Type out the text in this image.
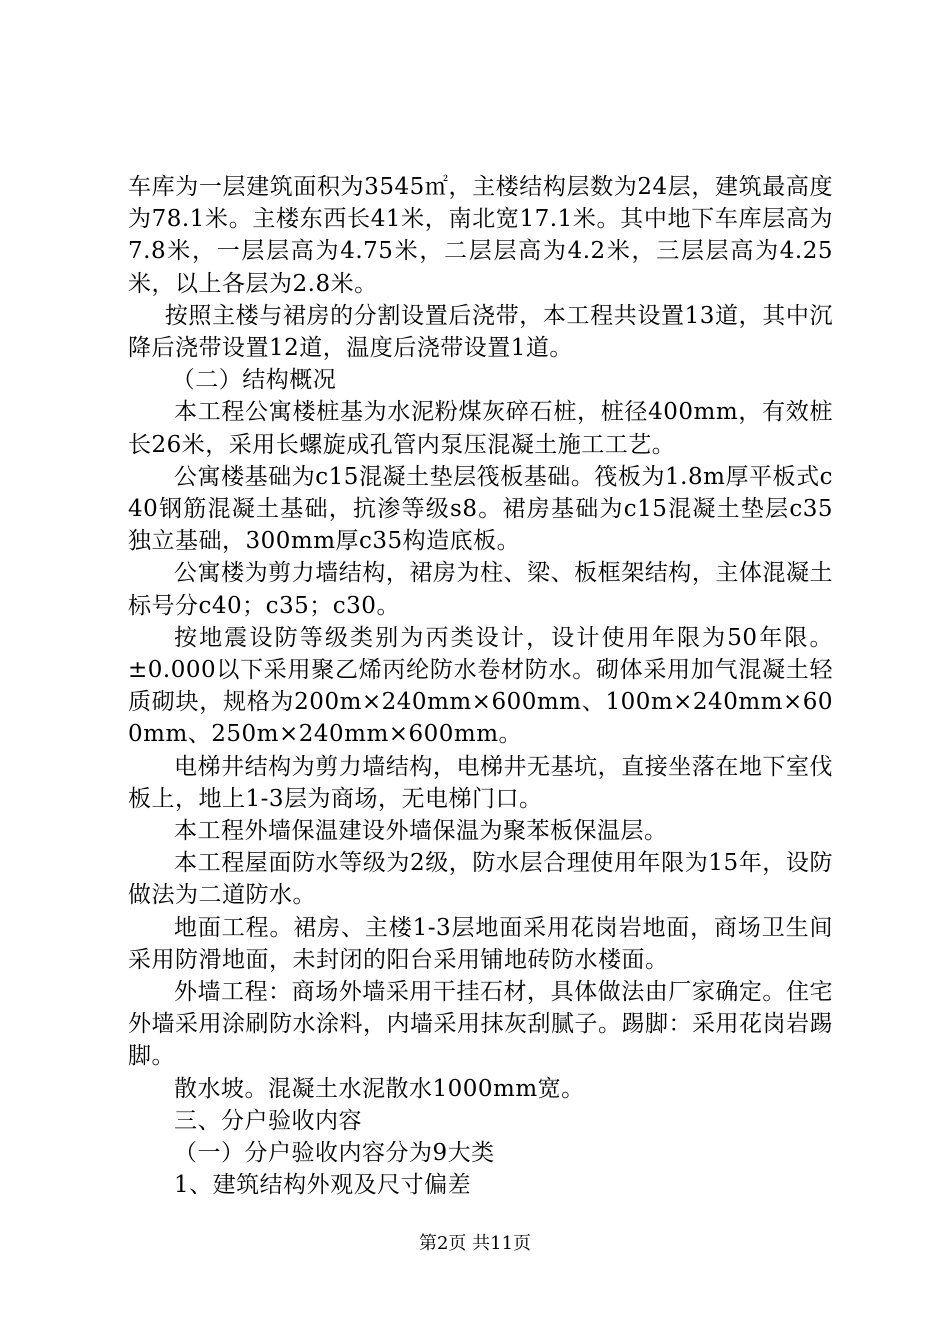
车库为一层建筑面积为3545㎡，主楼结构层数为24层，建筑最高度为78.1米。主楼东西长41米，南北宽17.1米。其中地下车库层高为7.8米，一层层高为4.75米，二层层高为4.2米，三层层高为4.25米，以上各层为2.8米。

按照主楼与裙房的分割设置后浇带，本工程共设置13道，其中沉降后浇带设置12道，温度后浇带设置1道。

（二）结构概况

本工程公寓楼桩基为水泥粉煤灰碎石桩，桩径400mm，有效桩长26米，采用长螺旋成孔管内泵压混凝土施工工艺。

公寓楼基础为c15混凝土垫层筏板基础。筏板为1.8m厚平板式c40钢筋混凝土基础，抗渗等级s8。裙房基础为c15混凝土垫层c35独立基础，300mm厚c35构造底板。

公寓楼为剪力墙结构，裙房为柱、梁、板框架结构，主体混凝土标号分c40；c35；c30。

按地震设防等级类别为丙类设计，设计使用年限为50年限。±0.000以下采用聚乙烯丙纶防水卷材防水。砌体采用加气混凝土轻质砌块，规格为200m×240mm×600mm、100m×240mm×600mm、250m×240mm×600mm。

电梯井结构为剪力墙结构，电梯井无基坑，直接坐落在地下室伐板上，地上1-3层为商场，无电梯门口。

本工程外墙保温建设外墙保温为聚苯板保温层。

本工程屋面防水等级为2级，防水层合理使用年限为15年，设防做法为二道防水。

地面工程。裙房、主楼1-3层地面采用花岗岩地面，商场卫生间采用防滑地面，未封闭的阳台采用铺地砖防水楼面。

外墙工程：商场外墙采用干挂石材，具体做法由厂家确定。住宅外墙采用涂刷防水涂料，内墙采用抹灰刮腻子。踢脚：采用花岗岩踢脚。

散水坡。混凝土水泥散水1000mm宽。

三、分户验收内容

（一）分户验收内容分为9大类

1、建筑结构外观及尺寸偏差

第2页 共11页
